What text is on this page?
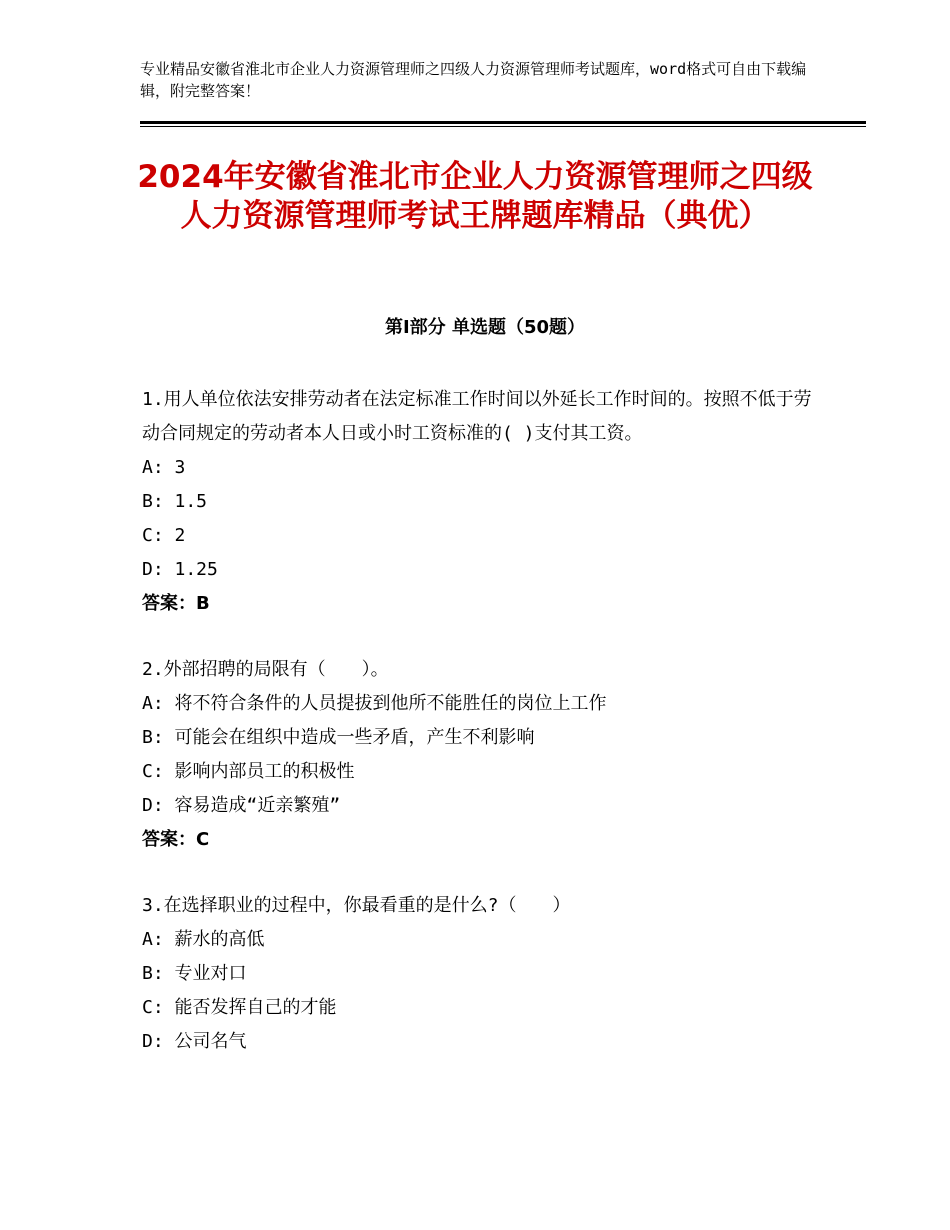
专业精品安徽省淮北市企业人力资源管理师之四级人力资源管理师考试题库，word格式可自由下载编辑，附完整答案！

2024年安徽省淮北市企业人力资源管理师之四级人力资源管理师考试王牌题库精品（典优）
第Ⅰ部分 单选题（50题）

1.用人单位依法安排劳动者在法定标准工作时间以外延长工作时间的。按照不低于劳动合同规定的劳动者本人日或小时工资标准的( )支付其工资。

A: 3

B: 1.5

C: 2

D: 1.25

答案：B

2.外部招聘的局限有（　　）。

A: 将不符合条件的人员提拔到他所不能胜任的岗位上工作

B: 可能会在组织中造成一些矛盾，产生不利影响

C: 影响内部员工的积极性

D: 容易造成“近亲繁殖”

答案：C

3.在选择职业的过程中，你最看重的是什么?（　　）

A: 薪水的高低

B: 专业对口

C: 能否发挥自己的才能

D: 公司名气
